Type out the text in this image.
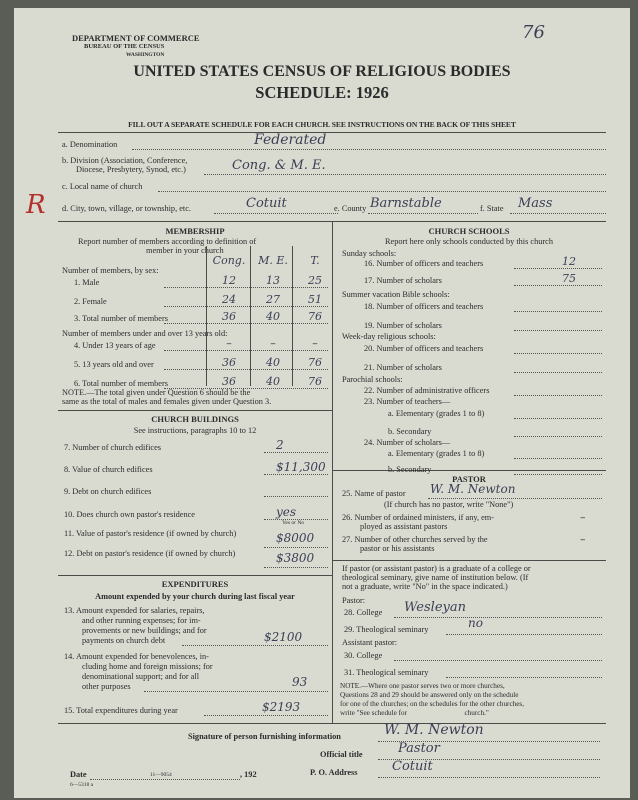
DEPARTMENT OF COMMERCE
BUREAU OF THE CENSUS
WASHINGTON
76
UNITED STATES CENSUS OF RELIGIOUS BODIES
SCHEDULE: 1926
FILL OUT A SEPARATE SCHEDULE FOR EACH CHURCH. SEE INSTRUCTIONS ON THE BACK OF THIS SHEET
a. Denomination	Federated
b. Division (Association, Conference,
Diocese, Presbytery, Synod, etc.)	Cong. & M. E.
c. Local name of church
R d. City, town, village, or township, etc.	Cotuit	e. County Barnstable	f. State Mass
MEMBERSHIP
Report number of members according to definition of
member in your church
Cong.	M. E.	T.
Number of members, by sex:
1. Male	12	13	25
2. Female	24	27	51
3. Total number of members	36	40	76
Number of members under and over 13 years old:
4. Under 13 years of age	–	–	–
5. 13 years old and over	36	40	76
6. Total number of members	36	40	76
NOTE.—The total given under Question 6 should be the
same as the total of males and females given under Question 3.
CHURCH BUILDINGS
See instructions, paragraphs 10 to 12
7. Number of church edifices	2
8. Value of church edifices	$11,300
9. Debt on church edifices
10. Does church own pastor's residence	yes
11. Value of pastor's residence (if owned by church)	$8000
12. Debt on pastor's residence (if owned by church)	$3800
Yes or No
EXPENDITURES
Amount expended by your church during last fiscal year
13. Amount expended for salaries, repairs,
and other running expenses; for im-
provements or new buildings; and for
payments on church debt	$2100
14. Amount expended for benevolences, in-
cluding home and foreign missions; for
denominational support; and for all
other purposes	93
15. Total expenditures during year	$2193
CHURCH SCHOOLS
Report here only schools conducted by this church
Sunday schools:
16. Number of officers and teachers	12
17. Number of scholars	75
Summer vacation Bible schools:
18. Number of officers and teachers
19. Number of scholars
Week-day religious schools:
20. Number of officers and teachers
21. Number of scholars
Parochial schools:
22. Number of administrative officers
23. Number of teachers—
a. Elementary (grades 1 to 8)
b. Secondary
24. Number of scholars—
a. Elementary (grades 1 to 8)
b. Secondary
PASTOR
25. Name of pastor W. M. Newton
(If church has no pastor, write "None")
26. Number of ordained ministers, if any, em-
ployed as assistant pastors
–
27. Number of other churches served by the
pastor or his assistants
–
If pastor (or assistant pastor) is a graduate of a college or
theological seminary, give name of institution below. (If
not a graduate, write "No" in the space indicated.)
Pastor:
28. College Wesleyan
29. Theological seminary	no
Assistant pastor:
30. College
31. Theological seminary
NOTE.—Where one pastor serves two or more churches,
Questions 28 and 29 should be answered only on the schedule
for one of the churches; on the schedules for the other churches,
write "See schedule for                                church."
Signature of person furnishing information	W. M. Newton
Official title	Pastor
P. O. Address	Cotuit
Date	, 192
6—5318 a
11—9054
